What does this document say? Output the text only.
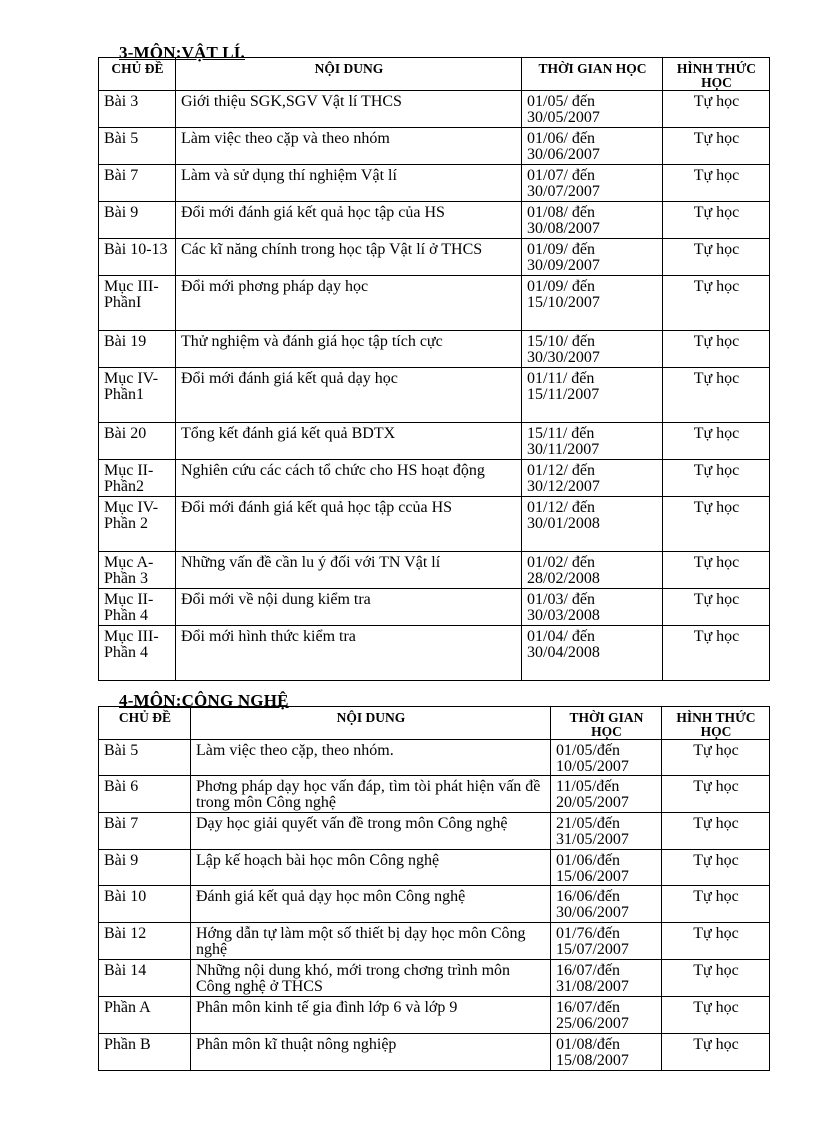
3-MÔN:VẬT LÍ.
CHỦ ĐỀ	NỘI DUNG	THỜI GIAN HỌC	HÌNH THỨC HỌC
Bài 3	Giới thiệu SGK,SGV Vật lí THCS	01/05/ đến 30/05/2007	Tự học
Bài 5	Làm việc theo cặp và theo nhóm	01/06/ đến 30/06/2007	Tự học
Bài 7	Làm và sử dụng thí nghiệm Vật lí	01/07/ đến 30/07/2007	Tự học
Bài 9	Đổi mới đánh giá kết quả học tập của HS	01/08/ đến 30/08/2007	Tự học
Bài 10-13	Các kĩ năng chính trong học tập Vật lí ở THCS	01/09/ đến 30/09/2007	Tự học
Mục III-PhầnI	Đổi mới phơng pháp dạy học	01/09/ đến 15/10/2007	Tự học
Bài 19	Thử nghiệm và đánh giá học tập tích cực	15/10/ đến 30/30/2007	Tự học
Mục IV-Phần1	Đổi mới đánh giá kết quả dạy học	01/11/ đến 15/11/2007	Tự học
Bài 20	Tổng kết đánh giá kết quả BDTX	15/11/ đến 30/11/2007	Tự học
Mục II-Phần2	Nghiên cứu các cách tổ chức cho HS hoạt động	01/12/ đến 30/12/2007	Tự học
Mục IV-Phần 2	Đổi mới đánh giá kết quả học tập ccủa HS	01/12/ đến 30/01/2008	Tự học
Mục A-Phần 3	Những vấn đề cần lu ý đối với TN Vật lí	01/02/ đến 28/02/2008	Tự học
Mục II-Phần 4	Đổi mới về nội dung kiểm tra	01/03/ đến 30/03/2008	Tự học
Mục III-Phần 4	Đổi mới hình thức kiểm tra	01/04/ đến 30/04/2008	Tự học
4-MÔN:CÔNG NGHỆ
CHỦ ĐỀ	NỘI DUNG	THỜI GIAN HỌC	HÌNH THỨC HỌC
Bài 5	Làm việc theo cặp, theo nhóm.	01/05/đến 10/05/2007	Tự học
Bài 6	Phơng pháp dạy học vấn đáp, tìm tòi phát hiện vấn đề trong môn Công nghệ	11/05/đến 20/05/2007	Tự học
Bài 7	Dạy học giải quyết vấn đề trong môn Công nghệ	21/05/đến 31/05/2007	Tự học
Bài 9	Lập kế hoạch bài học môn Công nghệ	01/06/đến 15/06/2007	Tự học
Bài 10	Đánh giá kết quả dạy học môn Công nghệ	16/06/đến 30/06/2007	Tự học
Bài 12	Hớng dẫn tự làm một số thiết bị dạy học môn Công nghệ	01/76/đến 15/07/2007	Tự học
Bài 14	Những nội dung khó, mới trong chơng trình môn Công nghệ ở THCS	16/07/đến 31/08/2007	Tự học
Phần A	Phân môn kinh tế gia đình lớp 6 và lớp 9	16/07/đến 25/06/2007	Tự học
Phần B	Phân môn kĩ thuật nông nghiệp	01/08/đến 15/08/2007	Tự học
